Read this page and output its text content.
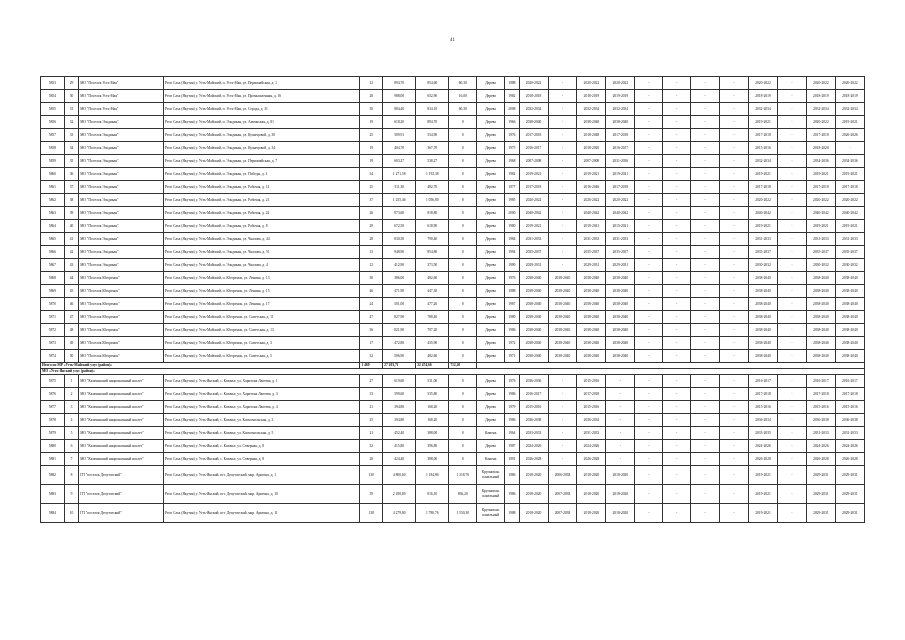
41
5853	29	МО "Поселок Усть-Мая"	Респ Саха (Якутия) у. Усть-Майский, п. Усть-Мая, ул. Первомайская, д. 1	12	894,70	854,60	60,30	Дерево	1988	2020-2022	-	2020-2022	2020-2022	-	-	-	-	2020-2022	-	2020-2022	2020-2022
5854	30	МО "Поселок Усть-Мая"	Респ Саха (Якутия) у. Усть-Майский, п. Усть-Мая, ул. Промышленная, д. 16	28	988,00	652,90	16,00	Дерево	1982	2018-2018	-	2018-2019	2019-2019	-	-	-	-	2018-2019	-	2018-2019	2018-2019
5855	31	МО "Поселок Усть-Мая"	Респ Саха (Якутия) у. Усть-Майский, п. Усть-Мая, ул. Строда, д. 31	30	884,40	834,10	60,30	Дерево	2008	2032-2034	-	2032-2034	2032-2034	-	-	-	-	2032-2034	-	2032-2034	2032-2034
5856	32	МО "Поселок Эльдикан"	Респ Саха (Якутия) у. Усть-Майский, п. Эльдикан, ул. Амгинская, д. 81	19	618,20	894,70	0	Дерево	1966	2038-2040	-	2038-2040	2038-2040	-	-	-	-	2019-2021	-	2020-2022	2019-2021
5857	33	МО "Поселок Эльдикан"	Респ Саха (Якутия) у. Усть-Майский, п. Эльдикан, ул. Кузнецовой, д. 30	25	589,91	534,90	0	Дерево	1976	2017-2018	-	2018-2048	2017-2018	-	-	-	-	2017-2018	-	2017-2018	2026-2026
5858	34	МО "Поселок Эльдикан"	Респ Саха (Якутия) у. Усть-Майский, п. Эльдикан, ул. Кузнецовой, д. 34	19	404,70	367,70	0	Дерево	1975	2016-2017	-	2018-2020	2016-2017	-	-	-	-	2015-2016	-	2018-2020	-
5859	35	МО "Поселок Эльдикан"	Респ Саха (Якутия) у. Усть-Майский, п. Эльдикан, ул. Первомайская, д. 7	19	603,27	538,27	0	Дерево	1968	2007-2008	-	2007-2008	2031-2036	-	-	-	-	2032-2034	-	2034-2036	2034-2036
5860	36	МО "Поселок Эльдикан"	Респ Саха (Якутия) у. Усть-Майский, п. Эльдикан, ул. Победы, д. 1	34	1 271,58	1 192,38	0	Дерево	1982	2019-2021	-	2019-2021	2019-2021	-	-	-	-	2019-2021	-	2019-2021	2019-2021
5861	37	МО "Поселок Эльдикан"	Респ Саха (Якутия) у. Усть-Майский, п. Эльдикан, ул. Рабочая, д. 12	25	511,30	482,70	0	Дерево	1977	2017-2018	-	2016-2046	2017-2018	-	-	-	-	2017-2018	-	2017-2018	2017-2018
5862	38	МО "Поселок Эльдикан"	Респ Саха (Якутия) у. Усть-Майский, п. Эльдикан, ул. Рабочая, д. 21	37	1 255,46	1 056,80	0	Дерево	1985	2020-2022	-	2020-2022	2020-2022	-	-	-	-	2020-2022	-	2020-2022	2020-2022
5863	39	МО "Поселок Эльдикан"	Респ Саха (Якутия) у. Усть-Майский, п. Эльдикан, ул. Рабочая, д. 22	26	973,60	818,80	0	Дерево	2000	2040-2042	-	2040-2042	2040-2042	-	-	-	-	2040-2042	-	2040-2042	2040-2042
5864	40	МО "Поселок Эльдикан"	Респ Саха (Якутия) у. Усть-Майский, п. Эльдикан, ул. Рабочая, д. 8	29	672,50	618,90	0	Дерево	1980	2019-2021	-	2019-2041	2015-2021	-	-	-	-	2019-2021	-	2019-2021	2019-2021
5865	41	МО "Поселок Эльдикан"	Респ Саха (Якутия) у. Усть-Майский, п. Эльдикан, ул. Чкалова, д. 44	28	830,50	790,40	0	Дерево	1984	2031-2033	-	2031-2033	2031-2033	-	-	-	-	2031-2033	-	2031-2033	2031-2033
5866	42	МО "Поселок Эльдикан"	Респ Саха (Якутия) у. Усть-Майский, п. Эльдикан, ул. Чкалова, д. 51	13	948,90	854,80	0	Дерево	1994	2035-2037	-	2035-2037	2035-2037	-	-	-	-	2035-2037	-	2035-2037	2035-2037
5867	43	МО "Поселок Эльдикан"	Респ Саха (Якутия) у. Усть-Майский, п. Эльдикан, ул. Чкалова, д. 4	12	412,90	373,50	0	Дерево	1990	2029-2031	-	2029-2031	2029-2031	-	-	-	-	2030-2032	-	2030-2032	2030-2032
5868	44	МО "Поселок Югоренок"	Респ Саха (Якутия) у. Усть-Майский, п. Югоренок, ул. Ленина, д. 13	30	386,00	482,60	0	Дерево	1976	2038-2040	2038-2040	2038-2040	2038-2040	-	-	-	-	2038-2040	-	2038-2040	2038-2040
5869	45	МО "Поселок Югоренок"	Респ Саха (Якутия) у. Усть-Майский, п. Югоренок, ул. Ленина, д. 15	46	471,90	447,30	0	Дерево	1988	2038-2040	2038-2040	2038-2040	2038-2040	-	-	-	-	2038-2040	-	2038-2040	2038-2040
5870	46	МО "Поселок Югоренок"	Респ Саха (Якутия) у. Усть-Майский, п. Югоренок, ул. Ленина, д. 17	24	501,00	477,20	0	Дерево	1987	2038-2040	2038-2040	2038-2040	2038-2040	-	-	-	-	2038-2040	-	2038-2040	2038-2040
5871	47	МО "Поселок Югоренок"	Респ Саха (Якутия) у. Усть-Майский, п. Югоренок, ул. Советская, д. 11	47	827,90	788,40	0	Дерево	1980	2038-2040	2038-2040	2038-2040	2038-2040	-	-	-	-	2038-2040	-	2038-2040	2038-2040
5872	48	МО "Поселок Югоренок"	Респ Саха (Якутия) у. Усть-Майский, п. Югоренок, ул. Советская, д. 13	36	821,90	797,20	0	Дерево	1986	2038-2040	2038-2040	2038-2040	2038-2040	-	-	-	-	2038-2040	-	2038-2040	2038-2040
5873	49	МО "Поселок Югоренок"	Респ Саха (Якутия) у. Усть-Майский, п. Югоренок, ул. Советская, д. 3	17	472,80	435,90	0	Дерево	1972	2038-2040	2038-2040	2038-2040	2038-2040	-	-	-	-	2038-2040	-	2038-2040	2038-2040
5874	50	МО "Поселок Югоренок"	Респ Саха (Якутия) у. Усть-Майский, п. Югоренок, ул. Советская, д. 5	32	506,90	482,60	0	Дерево	1971	2038-2040	2038-2040	2038-2040	2038-2040	-	-	-	-	2038-2040	-	2038-2040	2038-2040
Итого по МР «Усть-Майский улус (район)»				1 469	27 203,71	22 474,66	712,20														
МО «Усть-Янский улус (район)»																					
5875	1	МО "Казачинский национальный наслег"	Респ Саха (Якутия) у. Усть-Янский, с. Казачье, ул. Харитона Лаптева, д. 1	27	619,60	531,00	0	Дерево	1976	2036-2036	-	2015-2016	-	-	-	-	-	2016-2017	-	2016-2017	2016-2017
5876	2	МО "Казачинский национальный наслег"	Респ Саха (Якутия) у. Усть-Янский, с. Казачье, ул. Харитона Лаптева, д. 3	33	599,60	535,80	0	Дерево	1986	2016-2017	-	2017-2018	-	-	-	-	-	2017-2018	-	2017-2018	2017-2018
5877	3	МО "Казачинский национальный наслег"	Респ Саха (Якутия) у. Усть-Янский, с. Казачье, ул. Харитона Лаптева, д. 4	21	394,80	168,20	0	Дерево	1979	2015-2016	-	2015-2016	-	-	-	-	-	2015-2016	-	2015-2016	2015-2016
5878	4	МО "Казачинский национальный наслег"	Респ Саха (Якутия) у. Усть-Янский, с. Казачье, ул. Комсомольская, д. 3	25	394,80	168,20	0	Дерево	1986	2036-2038	-	2036-2034	-	-	-	-	-	2036-2034	-	2036-2038	2036-2038
5879	5	МО "Казачинский национальный наслег"	Респ Саха (Якутия) у. Усть-Янский, с. Казачье, ул. Комсомольская, д. 5	21	452,40	388,00	0	Камень	1964	2033-2033	-	2031-2033	-	-	-	-	-	2033-2035	-	2031-2033	2031-2033
5880	6	МО "Казачинский национальный наслег"	Респ Саха (Якутия) у. Усть-Янский, с. Казачье, ул. Северная, д. 8	32	415,80	396,80	0	Дерево	1987	2024-2026	-	2024-2026	-	-	-	-	-	2024-2026	-	2024-2026	2024-2026
5881	7	МО "Казачинский национальный наслег"	Респ Саха (Якутия) у. Усть-Янский, с. Казачье, ул. Северная, д. 8	20	424,40	388,00	0	Камень	1991	2026-2028	-	2026-2028	-	-	-	-	-	2026-2028	-	2026-2028	2026-2028
5882	8	ГП "поселок Депутатский"	Респ Саха (Якутия) у. Усть-Янский, пгт. Депутатский, мкр. Арктика, д. 1	130	4 800,60	1 184,86	1 318,70	Крупнопан. панельный	1986	2018-2020	2006-2038	2018-2020	2018-2020	-	-	-	-	2019-2021	-	2029-2031	2029-2031
5883	9	ГП "поселок Депутатский"	Респ Саха (Якутия) у. Усть-Янский, пгт. Депутатский, мкр. Арктика, д. 10	59	2 188,80	816,10	836,20	Крупнопан. панельный	1986	2018-2020	2007-2038	2018-2020	2018-2020	-	-	-	-	2019-2021	-	2029-2031	2029-2031
5884	10	ГП "поселок Депутатский"	Респ Саха (Якутия) у. Усть-Янский, пгт. Депутатский, мкр. Арктика, д. 11	138	4 279,80	1 780,76	1 550,30	Крупнопан. панельный	1988	2018-2020	2007-2038	2018-2020	2018-2020	-	-	-	-	2019-2021	-	2029-2031	2029-2031
